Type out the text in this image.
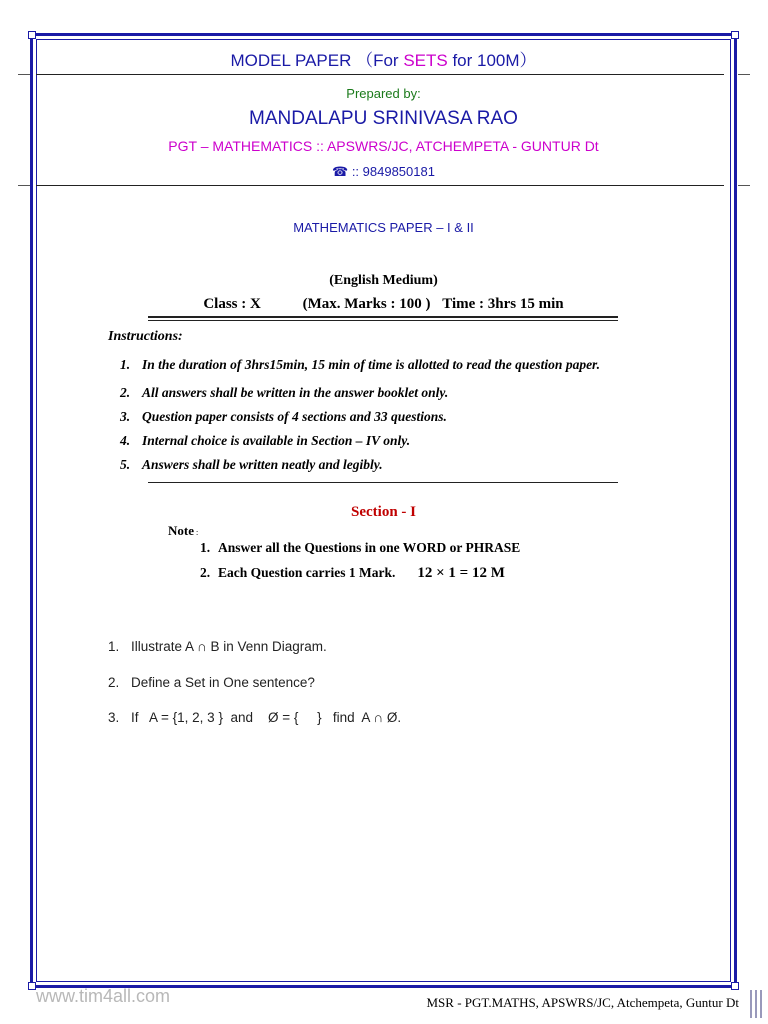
MODEL PAPER （For SETS for 100M）
Prepared by:
MANDALAPU SRINIVASA RAO
PGT – MATHEMATICS :: APSWRS/JC, ATCHEMPETA - GUNTUR Dt
☎ :: 9849850181
MATHEMATICS PAPER – I & II
(English Medium)
Class : X	(Max. Marks : 100 ) Time : 3hrs 15 min
Instructions:
1. In the duration of 3hrs15min, 15 min of time is allotted to read the question paper.
2. All answers shall be written in the answer booklet only.
3. Question paper consists of 4 sections and 33 questions.
4. Internal choice is available in Section – IV only.
5. Answers shall be written neatly and legibly.
Section - I
Note :
1. Answer all the Questions in one WORD or PHRASE
2. Each Question carries 1 Mark. 12 × 1 = 12 M
1. Illustrate A ∩ B in Venn Diagram.
2. Define a Set in One sentence?
3. If   A = {1, 2, 3 }  and    Ø = {     }   find  A ∩ Ø.
www.tim4all.com	MSR - PGT.MATHS, APSWRS/JC, Atchempeta, Guntur Dt
